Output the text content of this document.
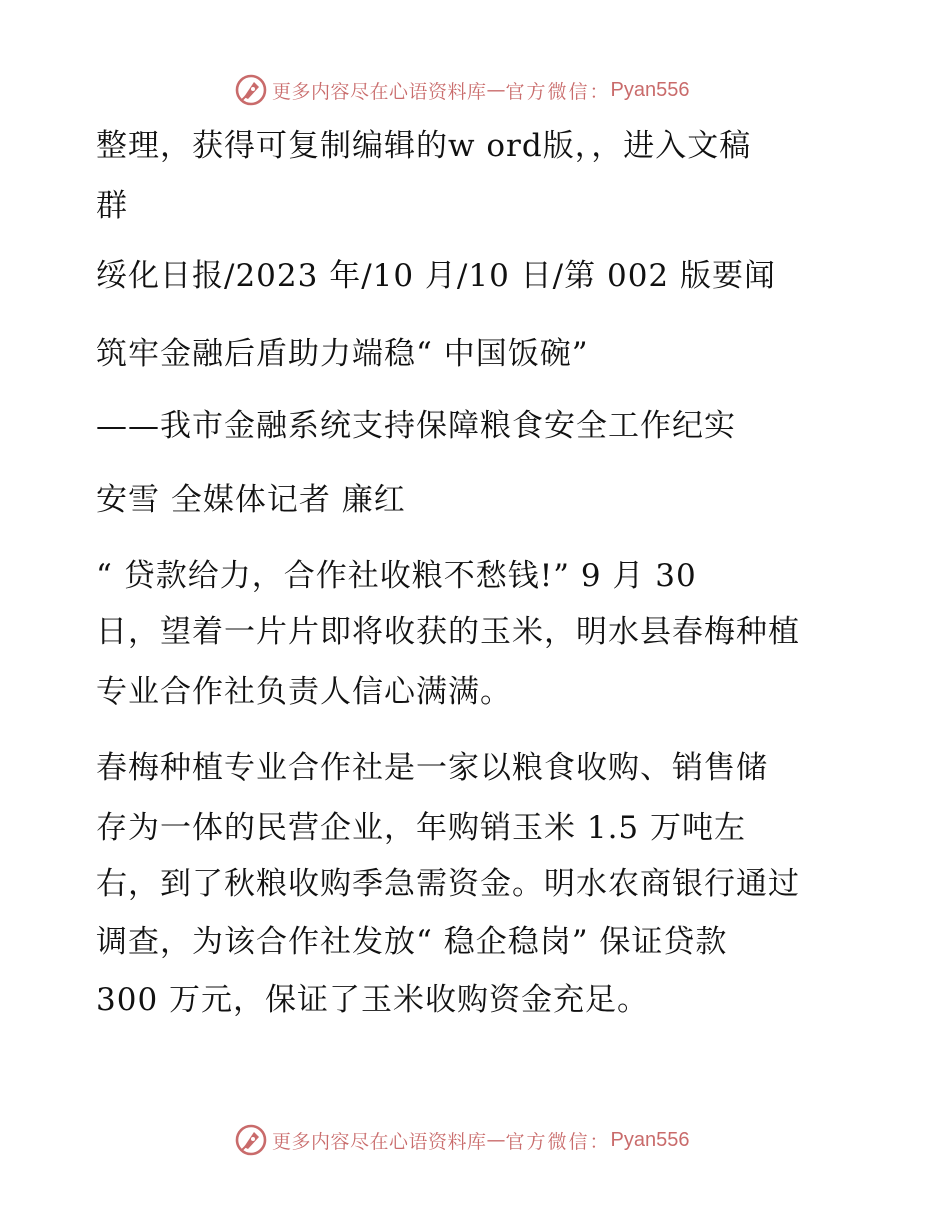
更多内容尽在心语资料库 — 官方微信： Pyan556
整理，获得可复制编辑的w ord版，，进入文稿
群
绥化日报/2023 年/10 月/10 日/第 002 版要闻
筑牢金融后盾助力端稳“ 中国饭碗”
——我市金融系统支持保障粮食安全工作纪实
安雪 全媒体记者 廉红
“ 贷款给力，合作社收粮不愁钱!” 9 月 30
日，望着一片片即将收获的玉米，明水县春梅种植
专业合作社负责人信心满满。
春梅种植专业合作社是一家以粮食收购、销售储
存为一体的民营企业，年购销玉米 1.5 万吨左
右，到了秋粮收购季急需资金。明水农商银行通过
调查，为该合作社发放“ 稳企稳岗” 保证贷款
300 万元，保证了玉米收购资金充足。
更多内容尽在心语资料库 — 官方微信： Pyan556
